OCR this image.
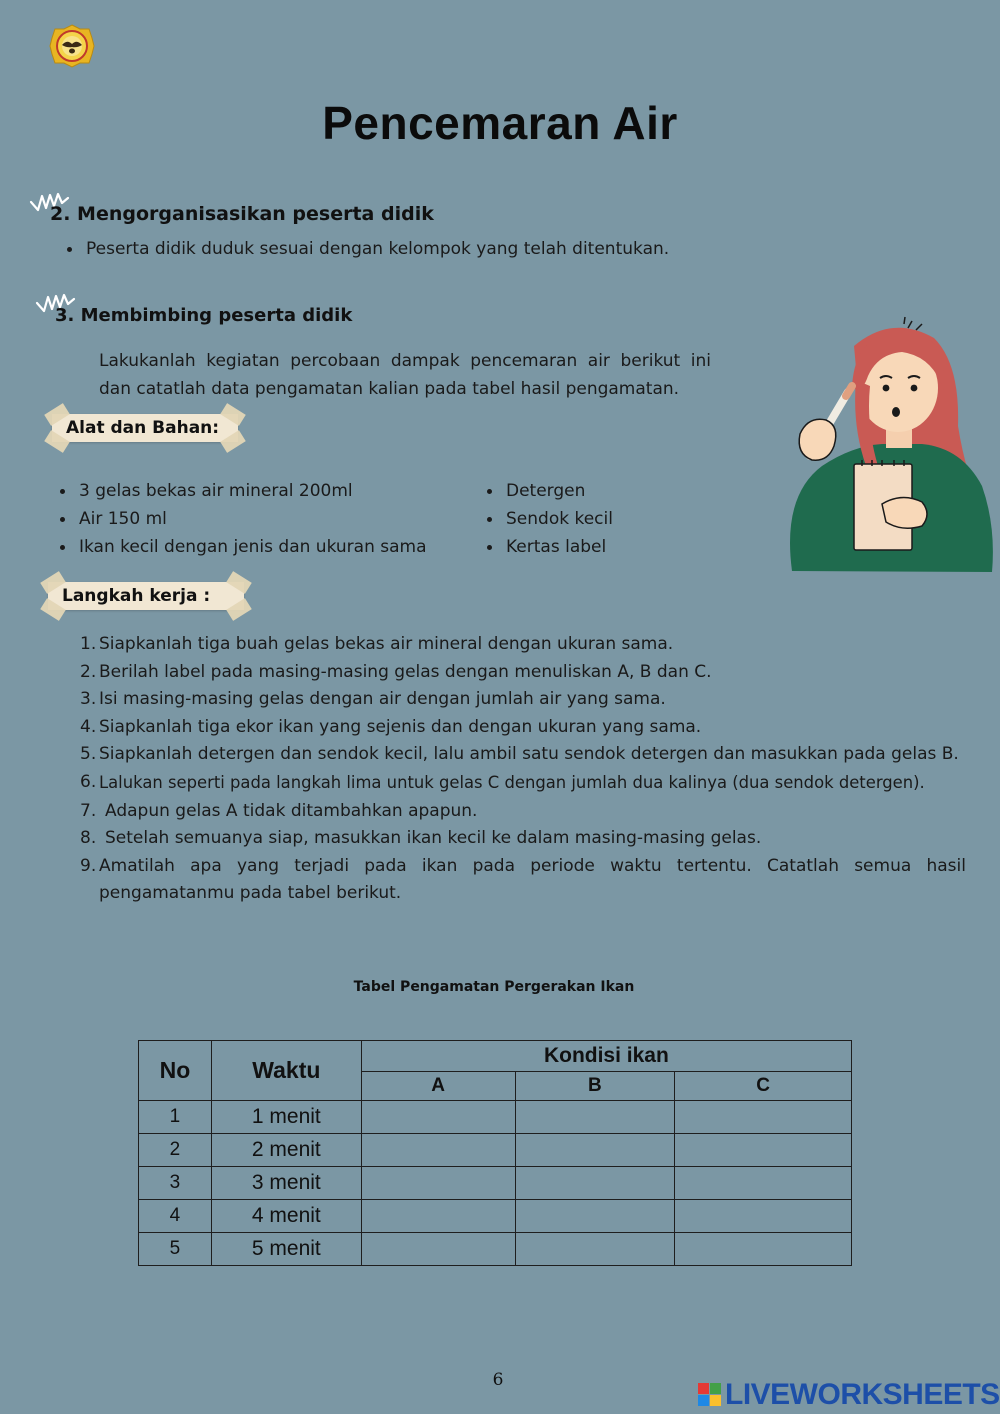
Pencemaran Air
2. Mengorganisasikan peserta didik
Peserta didik duduk sesuai dengan kelompok yang telah ditentukan.
3. Membimbing peserta didik
Lakukanlah kegiatan percobaan dampak pencemaran air berikut ini
dan catatlah data pengamatan kalian pada tabel hasil pengamatan.
Alat dan Bahan:
3 gelas bekas air mineral 200ml
Air 150 ml
Ikan kecil dengan jenis dan ukuran sama
Detergen
Sendok kecil
Kertas label
Langkah kerja :
1. Siapkanlah tiga buah gelas bekas air mineral dengan ukuran sama.
2. Berilah label pada masing-masing gelas dengan menuliskan A, B dan C.
3. Isi masing-masing gelas dengan air dengan jumlah air yang sama.
4. Siapkanlah tiga ekor ikan yang sejenis dan dengan ukuran yang sama.
5. Siapkanlah detergen dan sendok kecil, lalu ambil satu sendok detergen dan masukkan pada gelas B.
6. Lalukan seperti pada langkah lima untuk gelas C dengan jumlah dua kalinya (dua sendok detergen).
7. Adapun gelas A tidak ditambahkan apapun.
8. Setelah semuanya siap, masukkan ikan kecil ke dalam masing-masing gelas.
9. Amatilah apa yang terjadi pada ikan pada periode waktu tertentu. Catatlah semua hasil pengamatanmu pada tabel berikut.
Tabel Pengamatan Pergerakan Ikan
No	Waktu	Kondisi ikan		
		A	B	C
1	1 menit			
2	2 menit			
3	3 menit			
4	4 menit			
5	5 menit			
6	LIVEWORKSHEETS
